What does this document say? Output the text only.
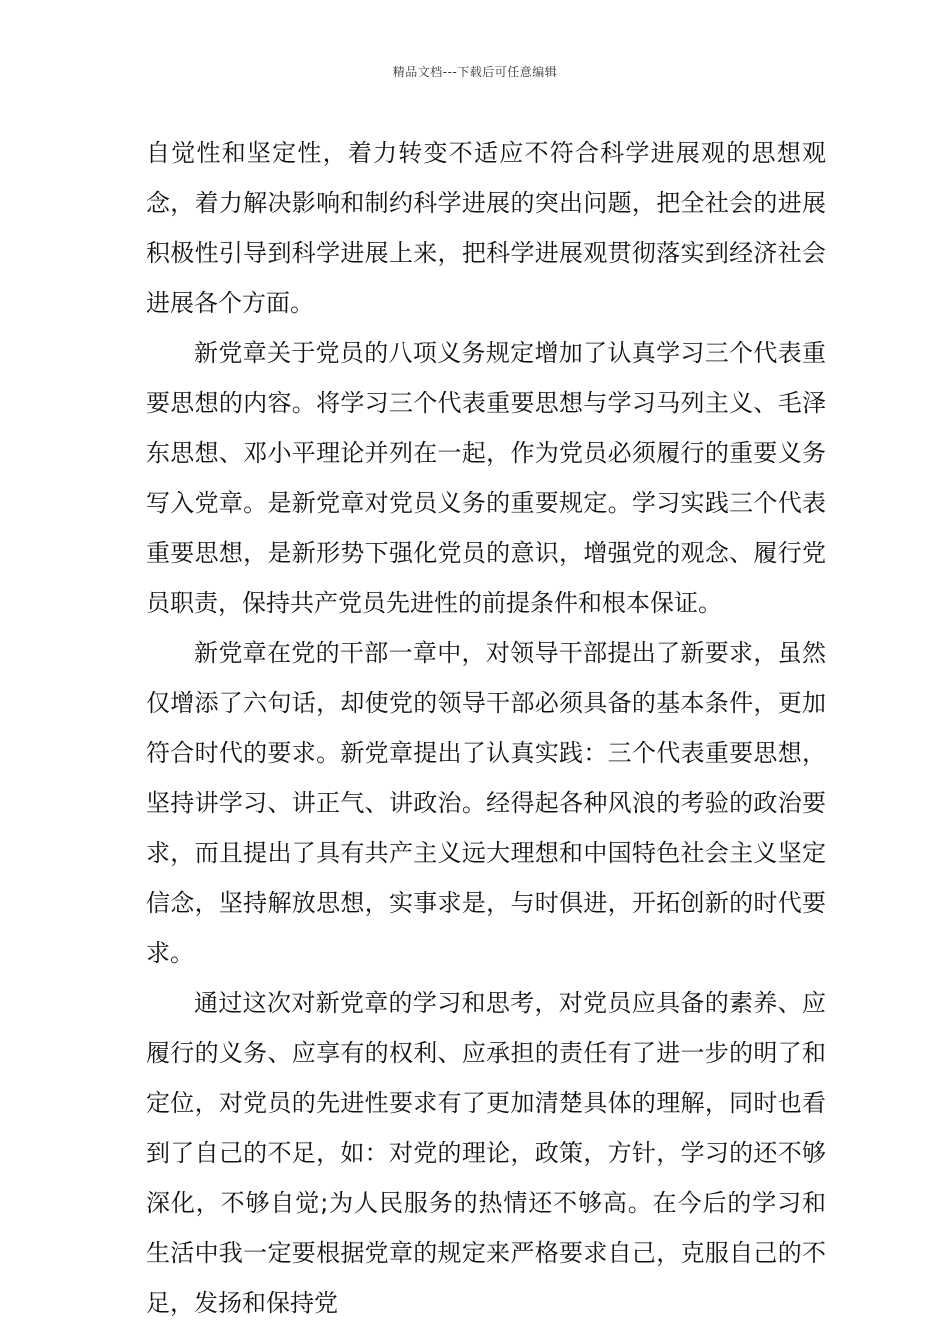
精品文档---下载后可任意编辑

自觉性和坚定性，着力转变不适应不符合科学进展观的思想观念，着力解决影响和制约科学进展的突出问题，把全社会的进展积极性引导到科学进展上来，把科学进展观贯彻落实到经济社会进展各个方面。

新党章关于党员的八项义务规定增加了认真学习三个代表重要思想的内容。将学习三个代表重要思想与学习马列主义、毛泽东思想、邓小平理论并列在一起，作为党员必须履行的重要义务写入党章。是新党章对党员义务的重要规定。学习实践三个代表重要思想，是新形势下强化党员的意识，增强党的观念、履行党员职责，保持共产党员先进性的前提条件和根本保证。

新党章在党的干部一章中，对领导干部提出了新要求，虽然仅增添了六句话，却使党的领导干部必须具备的基本条件，更加符合时代的要求。新党章提出了认真实践：三个代表重要思想，坚持讲学习、讲正气、讲政治。经得起各种风浪的考验的政治要求，而且提出了具有共产主义远大理想和中国特色社会主义坚定信念，坚持解放思想，实事求是，与时俱进，开拓创新的时代要求。

通过这次对新党章的学习和思考，对党员应具备的素养、应履行的义务、应享有的权利、应承担的责任有了进一步的明了和定位，对党员的先进性要求有了更加清楚具体的理解，同时也看到了自己的不足，如：对党的理论，政策，方针，学习的还不够深化，不够自觉;为人民服务的热情还不够高。在今后的学习和生活中我一定要根据党章的规定来严格要求自己，克服自己的不足，发扬和保持党
